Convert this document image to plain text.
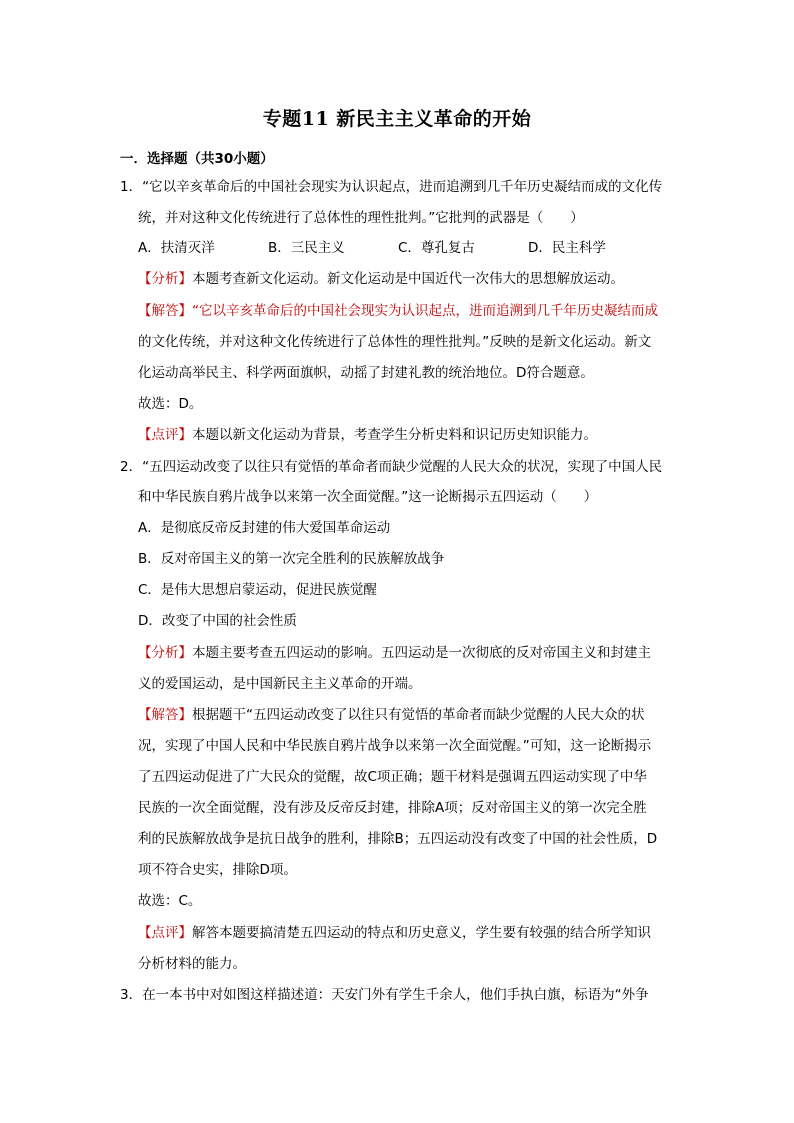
专题11 新民主主义革命的开始
一．选择题（共30小题）
1．“它以辛亥革命后的中国社会现实为认识起点，进而追溯到几千年历史凝结而成的文化传
统，并对这种文化传统进行了总体性的理性批判。”它批判的武器是（　　）
A．扶清灭洋	B．三民主义	C．尊孔复古	D．民主科学
【分析】本题考查新文化运动。新文化运动是中国近代一次伟大的思想解放运动。
【解答】“它以辛亥革命后的中国社会现实为认识起点，进而追溯到几千年历史凝结而成
的文化传统，并对这种文化传统进行了总体性的理性批判。”反映的是新文化运动。新文
化运动高举民主、科学两面旗帜，动摇了封建礼教的统治地位。D符合题意。
故选：D。
【点评】本题以新文化运动为背景，考查学生分析史料和识记历史知识能力。
2．“五四运动改变了以往只有觉悟的革命者而缺少觉醒的人民大众的状况，实现了中国人民
和中华民族自鸦片战争以来第一次全面觉醒。”这一论断揭示五四运动（　　）
A．是彻底反帝反封建的伟大爱国革命运动
B．反对帝国主义的第一次完全胜利的民族解放战争
C．是伟大思想启蒙运动，促进民族觉醒
D．改变了中国的社会性质
【分析】本题主要考查五四运动的影响。五四运动是一次彻底的反对帝国主义和封建主
义的爱国运动，是中国新民主主义革命的开端。
【解答】根据题干“五四运动改变了以往只有觉悟的革命者而缺少觉醒的人民大众的状
况，实现了中国人民和中华民族自鸦片战争以来第一次全面觉醒。”可知，这一论断揭示
了五四运动促进了广大民众的觉醒，故C项正确；题干材料是强调五四运动实现了中华
民族的一次全面觉醒，没有涉及反帝反封建，排除A项；反对帝国主义的第一次完全胜
利的民族解放战争是抗日战争的胜利，排除B；五四运动没有改变了中国的社会性质，D
项不符合史实，排除D项。
故选：C。
【点评】解答本题要搞清楚五四运动的特点和历史意义，学生要有较强的结合所学知识
分析材料的能力。
3．在一本书中对如图这样描述道：天安门外有学生千余人，他们手执白旗，标语为“外争
